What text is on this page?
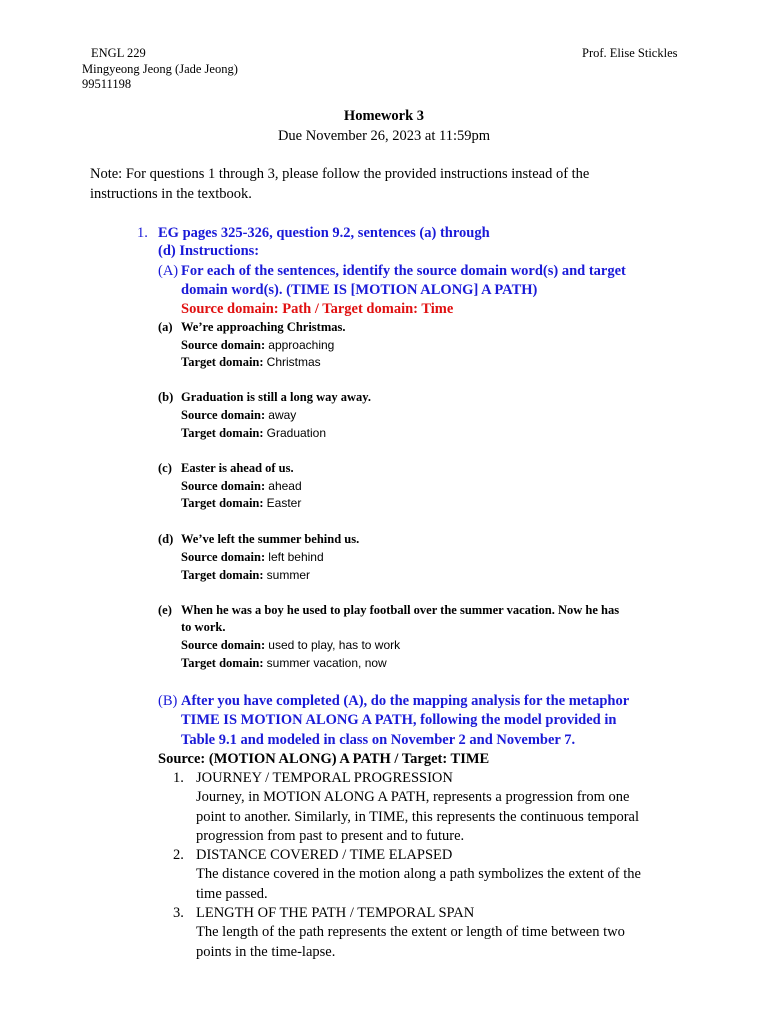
ENGL 229
Mingyeong Jeong (Jade Jeong)
99511198
Prof. Elise Stickles
Homework 3
Due November 26, 2023 at 11:59pm
Note: For questions 1 through 3, please follow the provided instructions instead of the
instructions in the textbook.
1. EG pages 325-326, question 9.2, sentences (a) through
(d) Instructions:
(A) For each of the sentences, identify the source domain word(s) and target
domain word(s). (TIME IS [MOTION ALONG] A PATH)
Source domain: Path / Target domain: Time
(a) We’re approaching Christmas.
Source domain: approaching
Target domain: Christmas
(b) Graduation is still a long way away.
Source domain: away
Target domain: Graduation
(c) Easter is ahead of us.
Source domain: ahead
Target domain: Easter
(d) We’ve left the summer behind us.
Source domain: left behind
Target domain: summer
(e) When he was a boy he used to play football over the summer vacation. Now he has
to work.
Source domain: used to play, has to work
Target domain: summer vacation, now
(B) After you have completed (A), do the mapping analysis for the metaphor
TIME IS MOTION ALONG A PATH, following the model provided in
Table 9.1 and modeled in class on November 2 and November 7.
Source: (MOTION ALONG) A PATH / Target: TIME
1. JOURNEY / TEMPORAL PROGRESSION
Journey, in MOTION ALONG A PATH, represents a progression from one
point to another. Similarly, in TIME, this represents the continuous temporal
progression from past to present and to future.
2. DISTANCE COVERED / TIME ELAPSED
The distance covered in the motion along a path symbolizes the extent of the
time passed.
3. LENGTH OF THE PATH / TEMPORAL SPAN
The length of the path represents the extent or length of time between two
points in the time-lapse.
